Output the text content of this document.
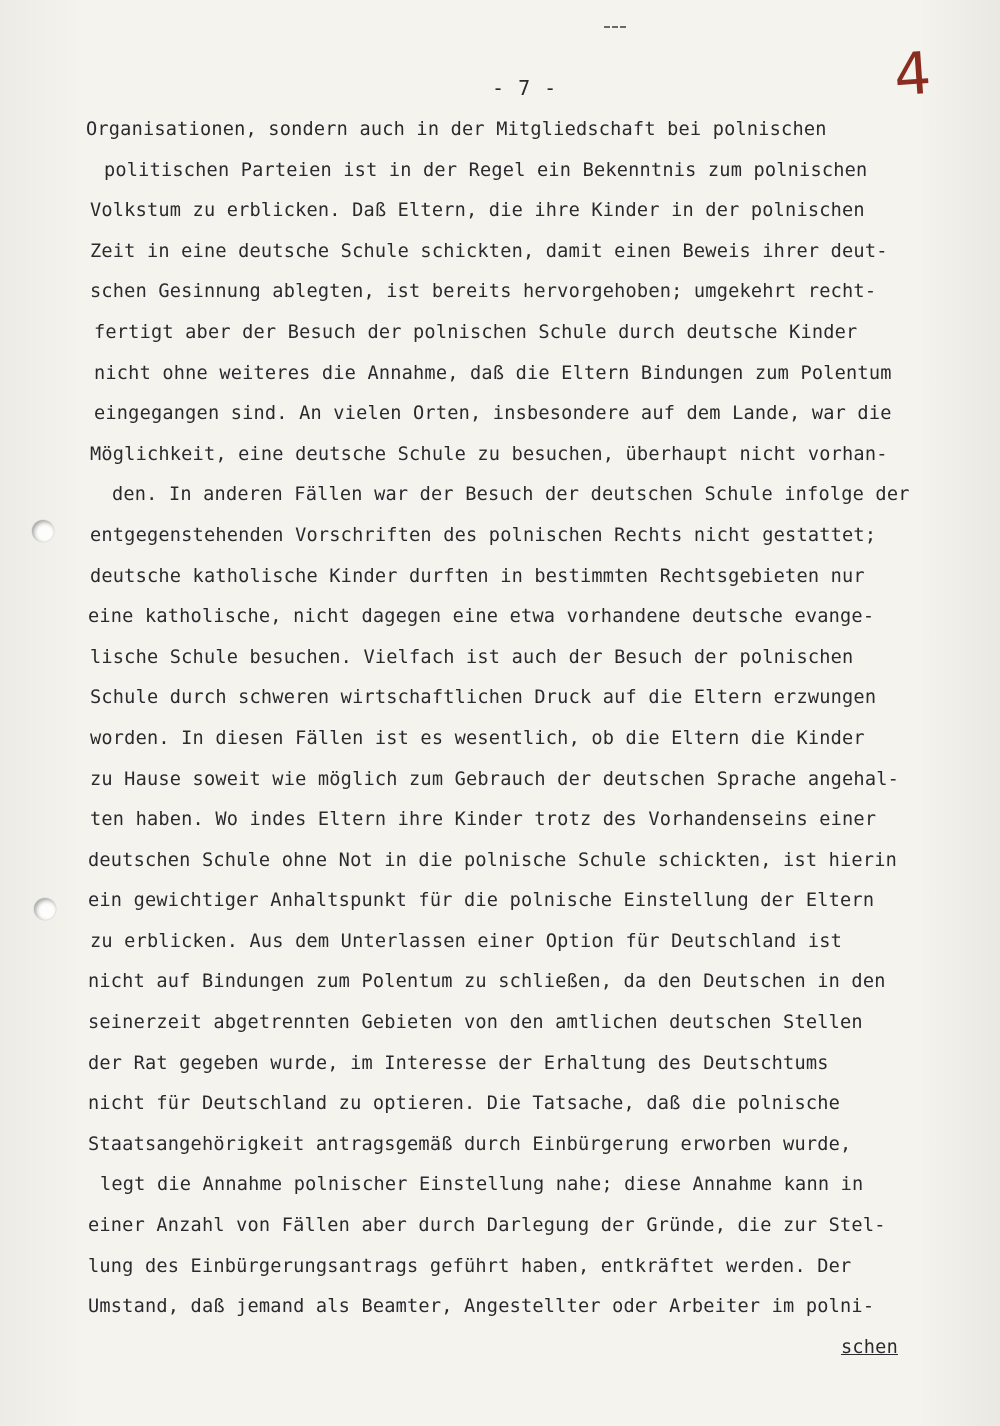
- 7 -	4
Organisationen, sondern auch in der Mitgliedschaft bei polnischen
politischen Parteien ist in der Regel ein Bekenntnis zum polnischen
Volkstum zu erblicken. Daß Eltern, die ihre Kinder in der polnischen
Zeit in eine deutsche Schule schickten, damit einen Beweis ihrer deut-
schen Gesinnung ablegten, ist bereits hervorgehoben; umgekehrt recht-
fertigt aber der Besuch der polnischen Schule durch deutsche Kinder
nicht ohne weiteres die Annahme, daß die Eltern Bindungen zum Polentum
eingegangen sind. An vielen Orten, insbesondere auf dem Lande, war die
Möglichkeit, eine deutsche Schule zu besuchen, überhaupt nicht vorhan-
den. In anderen Fällen war der Besuch der deutschen Schule infolge der
entgegenstehenden Vorschriften des polnischen Rechts nicht gestattet;
deutsche katholische Kinder durften in bestimmten Rechtsgebieten nur
eine katholische, nicht dagegen eine etwa vorhandene deutsche evange-
lische Schule besuchen. Vielfach ist auch der Besuch der polnischen
Schule durch schweren wirtschaftlichen Druck auf die Eltern erzwungen
worden. In diesen Fällen ist es wesentlich, ob die Eltern die Kinder
zu Hause soweit wie möglich zum Gebrauch der deutschen Sprache angehal-
ten haben. Wo indes Eltern ihre Kinder trotz des Vorhandenseins einer
deutschen Schule ohne Not in die polnische Schule schickten, ist hierin
ein gewichtiger Anhaltspunkt für die polnische Einstellung der Eltern
zu erblicken. Aus dem Unterlassen einer Option für Deutschland ist
nicht auf Bindungen zum Polentum zu schließen, da den Deutschen in den
seinerzeit abgetrennten Gebieten von den amtlichen deutschen Stellen
der Rat gegeben wurde, im Interesse der Erhaltung des Deutschtums
nicht für Deutschland zu optieren. Die Tatsache, daß die polnische
Staatsangehörigkeit antragsgemäß durch Einbürgerung erworben wurde,
legt die Annahme polnischer Einstellung nahe; diese Annahme kann in
einer Anzahl von Fällen aber durch Darlegung der Gründe, die zur Stel-
lung des Einbürgerungsantrags geführt haben, entkräftet werden. Der
Umstand, daß jemand als Beamter, Angestellter oder Arbeiter im polni-
schen
